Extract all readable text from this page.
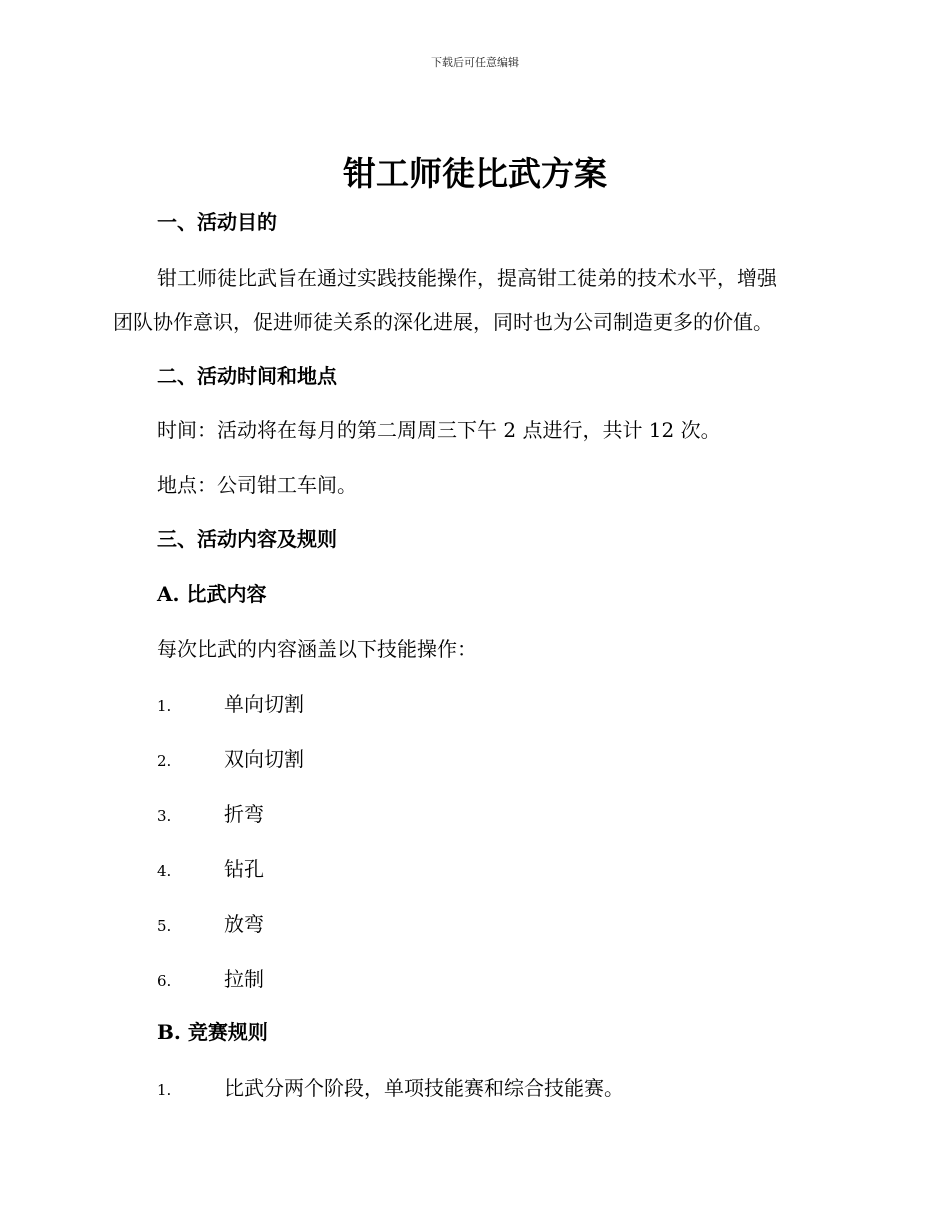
下载后可任意编辑
钳工师徒比武方案
一、活动目的
钳工师徒比武旨在通过实践技能操作，提高钳工徒弟的技术水平，增强
团队协作意识，促进师徒关系的深化进展，同时也为公司制造更多的价值。
二、活动时间和地点
时间：活动将在每月的第二周周三下午 2 点进行，共计 12 次。
地点：公司钳工车间。
三、活动内容及规则
A. 比武内容
每次比武的内容涵盖以下技能操作：
1.	单向切割
2.	双向切割
3.	折弯
4.	钻孔
5.	放弯
6.	拉制
B. 竞赛规则
1.	比武分两个阶段，单项技能赛和综合技能赛。
